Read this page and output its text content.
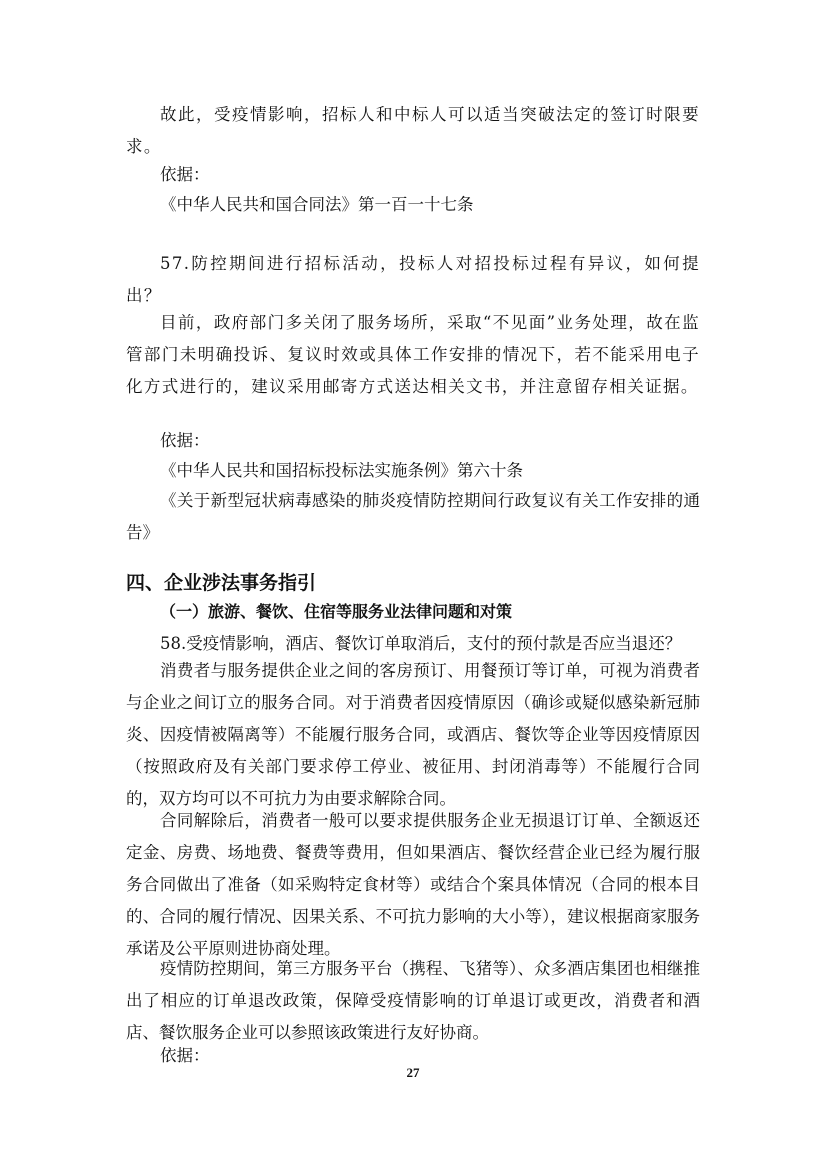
故此，受疫情影响，招标人和中标人可以适当突破法定的签订时限要求。

依据：

《中华人民共和国合同法》第一百一十七条

57.防控期间进行招标活动，投标人对招投标过程有异议，如何提出？

目前，政府部门多关闭了服务场所，采取“不见面”业务处理，故在监管部门未明确投诉、复议时效或具体工作安排的情况下，若不能采用电子化方式进行的，建议采用邮寄方式送达相关文书，并注意留存相关证据。

依据：

《中华人民共和国招标投标法实施条例》第六十条

《关于新型冠状病毒感染的肺炎疫情防控期间行政复议有关工作安排的通告》

四、企业涉法事务指引

（一）旅游、餐饮、住宿等服务业法律问题和对策

58.受疫情影响，酒店、餐饮订单取消后，支付的预付款是否应当退还？

消费者与服务提供企业之间的客房预订、用餐预订等订单，可视为消费者与企业之间订立的服务合同。对于消费者因疫情原因（确诊或疑似感染新冠肺炎、因疫情被隔离等）不能履行服务合同，或酒店、餐饮等企业等因疫情原因（按照政府及有关部门要求停工停业、被征用、封闭消毒等）不能履行合同的，双方均可以不可抗力为由要求解除合同。

合同解除后，消费者一般可以要求提供服务企业无损退订订单、全额返还定金、房费、场地费、餐费等费用，但如果酒店、餐饮经营企业已经为履行服务合同做出了准备（如采购特定食材等）或结合个案具体情况（合同的根本目的、合同的履行情况、因果关系、不可抗力影响的大小等），建议根据商家服务承诺及公平原则进协商处理。

疫情防控期间，第三方服务平台（携程、飞猪等）、众多酒店集团也相继推出了相应的订单退改政策，保障受疫情影响的订单退订或更改，消费者和酒店、餐饮服务企业可以参照该政策进行友好协商。

依据：

27
